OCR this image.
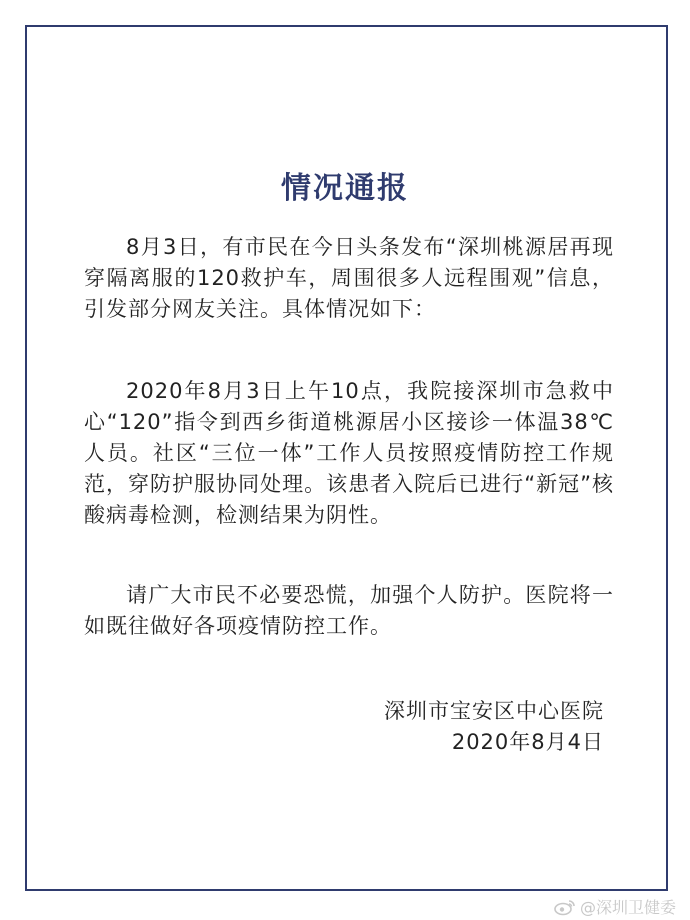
情况通报
8月3日，有市民在今日头条发布“深圳桃源居再现穿隔离服的120救护车，周围很多人远程围观”信息，引发部分网友关注。具体情况如下：
2020年8月3日上午10点，我院接深圳市急救中心“120”指令到西乡街道桃源居小区接诊一体温38℃人员。社区“三位一体”工作人员按照疫情防控工作规范，穿防护服协同处理。该患者入院后已进行“新冠”核酸病毒检测，检测结果为阴性。
请广大市民不必要恐慌，加强个人防护。医院将一如既往做好各项疫情防控工作。
深圳市宝安区中心医院
2020年8月4日
@深圳卫健委
